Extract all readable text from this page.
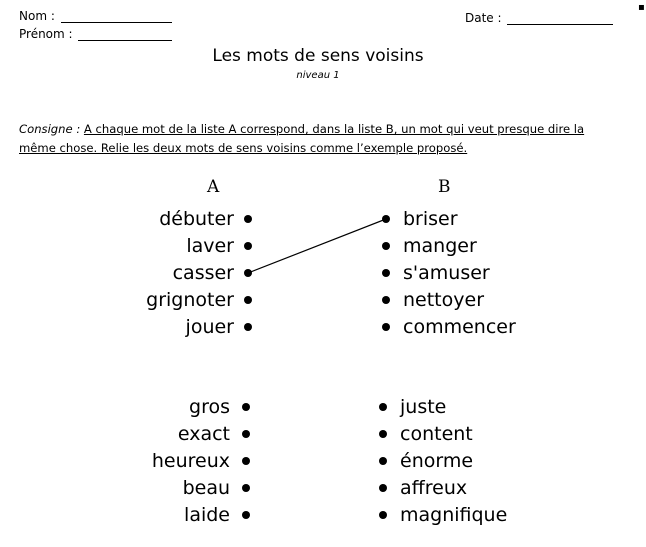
Nom :
Prénom :
Date :
▪
Les mots de sens voisins
niveau 1
Consigne : A chaque mot de la liste A correspond, dans la liste B, un mot qui veut presque dire la
même chose. Relie les deux mots de sens voisins comme l’exemple proposé.
A	B
débuter
laver
casser
grignoter
jouer
briser
manger
s'amuser
nettoyer
commencer
gros
exact
heureux
beau
laide
juste
content
énorme
affreux
magnifique
